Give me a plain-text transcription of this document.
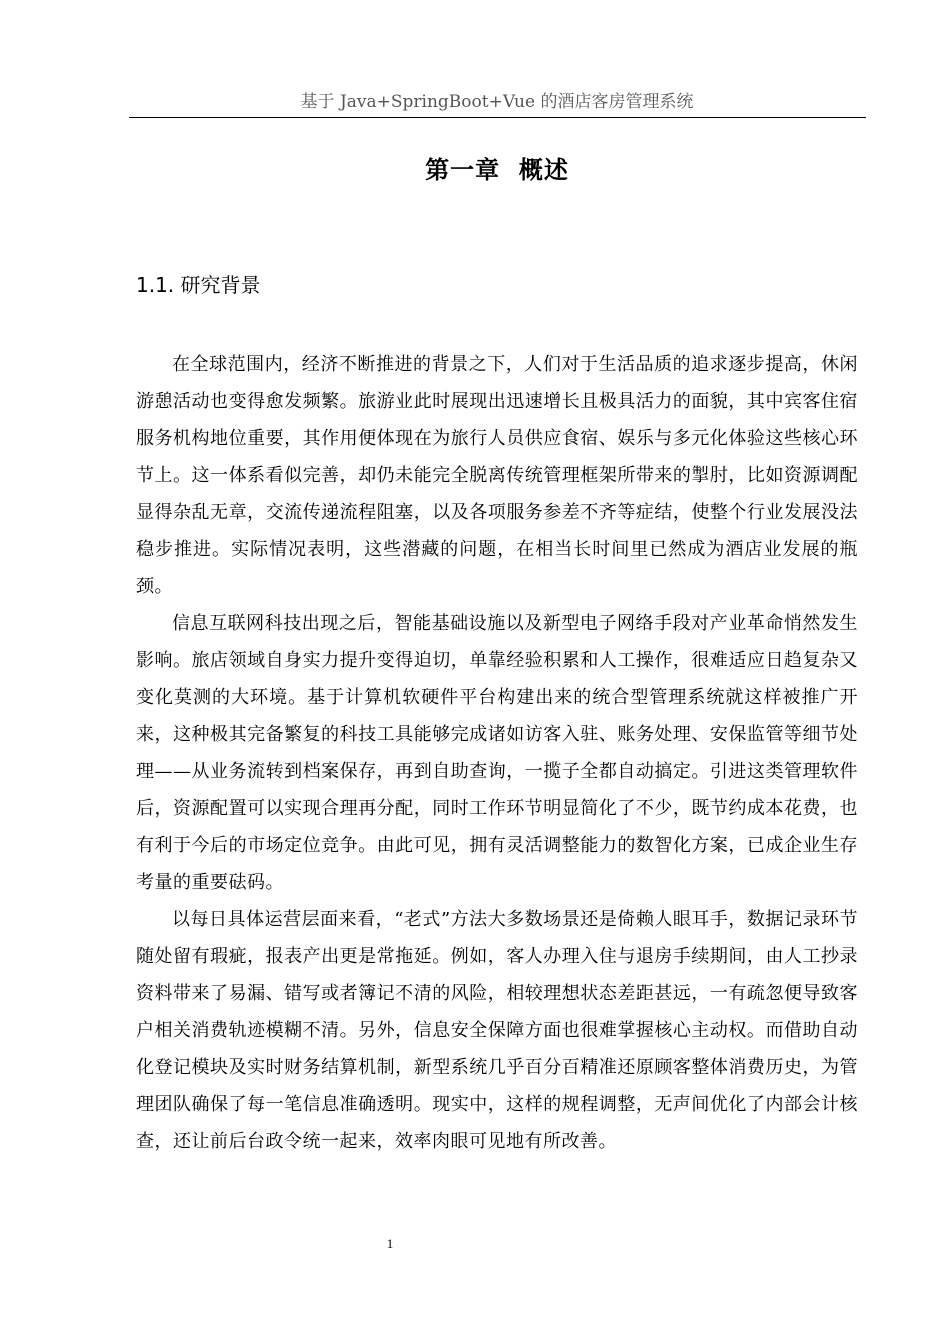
基于 Java+SpringBoot+Vue 的酒店客房管理系统
第一章  概述
1.1. 研究背景

在全球范围内，经济不断推进的背景之下，人们对于生活品质的追求逐步提高，休闲游憩活动也变得愈发频繁。旅游业此时展现出迅速增长且极具活力的面貌，其中宾客住宿服务机构地位重要，其作用便体现在为旅行人员供应食宿、娱乐与多元化体验这些核心环节上。这一体系看似完善，却仍未能完全脱离传统管理框架所带来的掣肘，比如资源调配显得杂乱无章，交流传递流程阻塞，以及各项服务参差不齐等症结，使整个行业发展没法稳步推进。实际情况表明，这些潜藏的问题，在相当长时间里已然成为酒店业发展的瓶颈。

信息互联网科技出现之后，智能基础设施以及新型电子网络手段对产业革命悄然发生影响。旅店领域自身实力提升变得迫切，单靠经验积累和人工操作，很难适应日趋复杂又变化莫测的大环境。基于计算机软硬件平台构建出来的统合型管理系统就这样被推广开来，这种极其完备繁复的科技工具能够完成诸如访客入驻、账务处理、安保监管等细节处理——从业务流转到档案保存，再到自助查询，一揽子全都自动搞定。引进这类管理软件后，资源配置可以实现合理再分配，同时工作环节明显简化了不少，既节约成本花费，也有利于今后的市场定位竞争。由此可见，拥有灵活调整能力的数智化方案，已成企业生存考量的重要砝码。

以每日具体运营层面来看，“老式”方法大多数场景还是倚赖人眼耳手，数据记录环节随处留有瑕疵，报表产出更是常拖延。例如，客人办理入住与退房手续期间，由人工抄录资料带来了易漏、错写或者簿记不清的风险，相较理想状态差距甚远，一有疏忽便导致客户相关消费轨迹模糊不清。另外，信息安全保障方面也很难掌握核心主动权。而借助自动化登记模块及实时财务结算机制，新型系统几乎百分百精准还原顾客整体消费历史，为管理团队确保了每一笔信息准确透明。现实中，这样的规程调整，无声间优化了内部会计核查，还让前后台政令统一起来，效率肉眼可见地有所改善。

1
